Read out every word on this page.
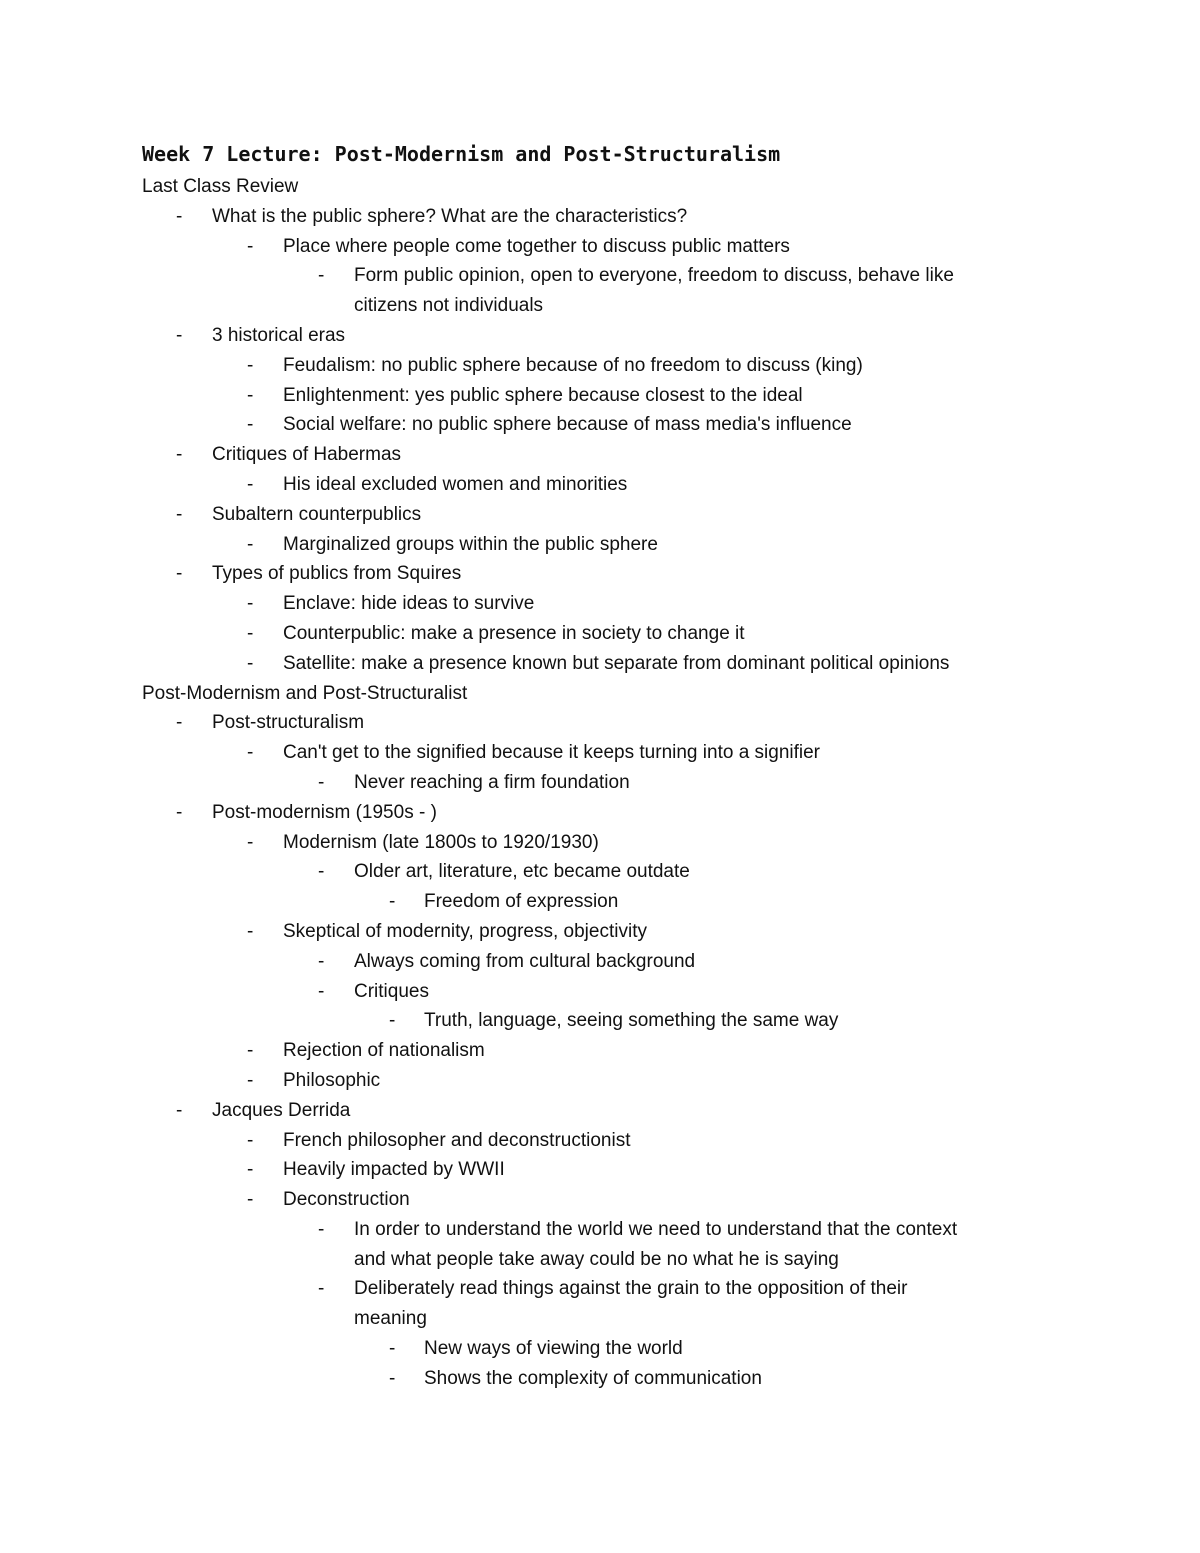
Week 7 Lecture: Post-Modernism and Post-Structuralism
Last Class Review
- What is the public sphere? What are the characteristics?
- Place where people come together to discuss public matters
- Form public opinion, open to everyone, freedom to discuss, behave like
citizens not individuals
- 3 historical eras
- Feudalism: no public sphere because of no freedom to discuss (king)
- Enlightenment: yes public sphere because closest to the ideal
- Social welfare: no public sphere because of mass media's influence
- Critiques of Habermas
- His ideal excluded women and minorities
- Subaltern counterpublics
- Marginalized groups within the public sphere
- Types of publics from Squires
- Enclave: hide ideas to survive
- Counterpublic: make a presence in society to change it
- Satellite: make a presence known but separate from dominant political opinions
Post-Modernism and Post-Structuralist
- Post-structuralism
- Can't get to the signified because it keeps turning into a signifier
- Never reaching a firm foundation
- Post-modernism (1950s - )
- Modernism (late 1800s to 1920/1930)
- Older art, literature, etc became outdate
- Freedom of expression
- Skeptical of modernity, progress, objectivity
- Always coming from cultural background
- Critiques
- Truth, language, seeing something the same way
- Rejection of nationalism
- Philosophic
- Jacques Derrida
- French philosopher and deconstructionist
- Heavily impacted by WWII
- Deconstruction
- In order to understand the world we need to understand that the context
and what people take away could be no what he is saying
- Deliberately read things against the grain to the opposition of their
meaning
- New ways of viewing the world
- Shows the complexity of communication
